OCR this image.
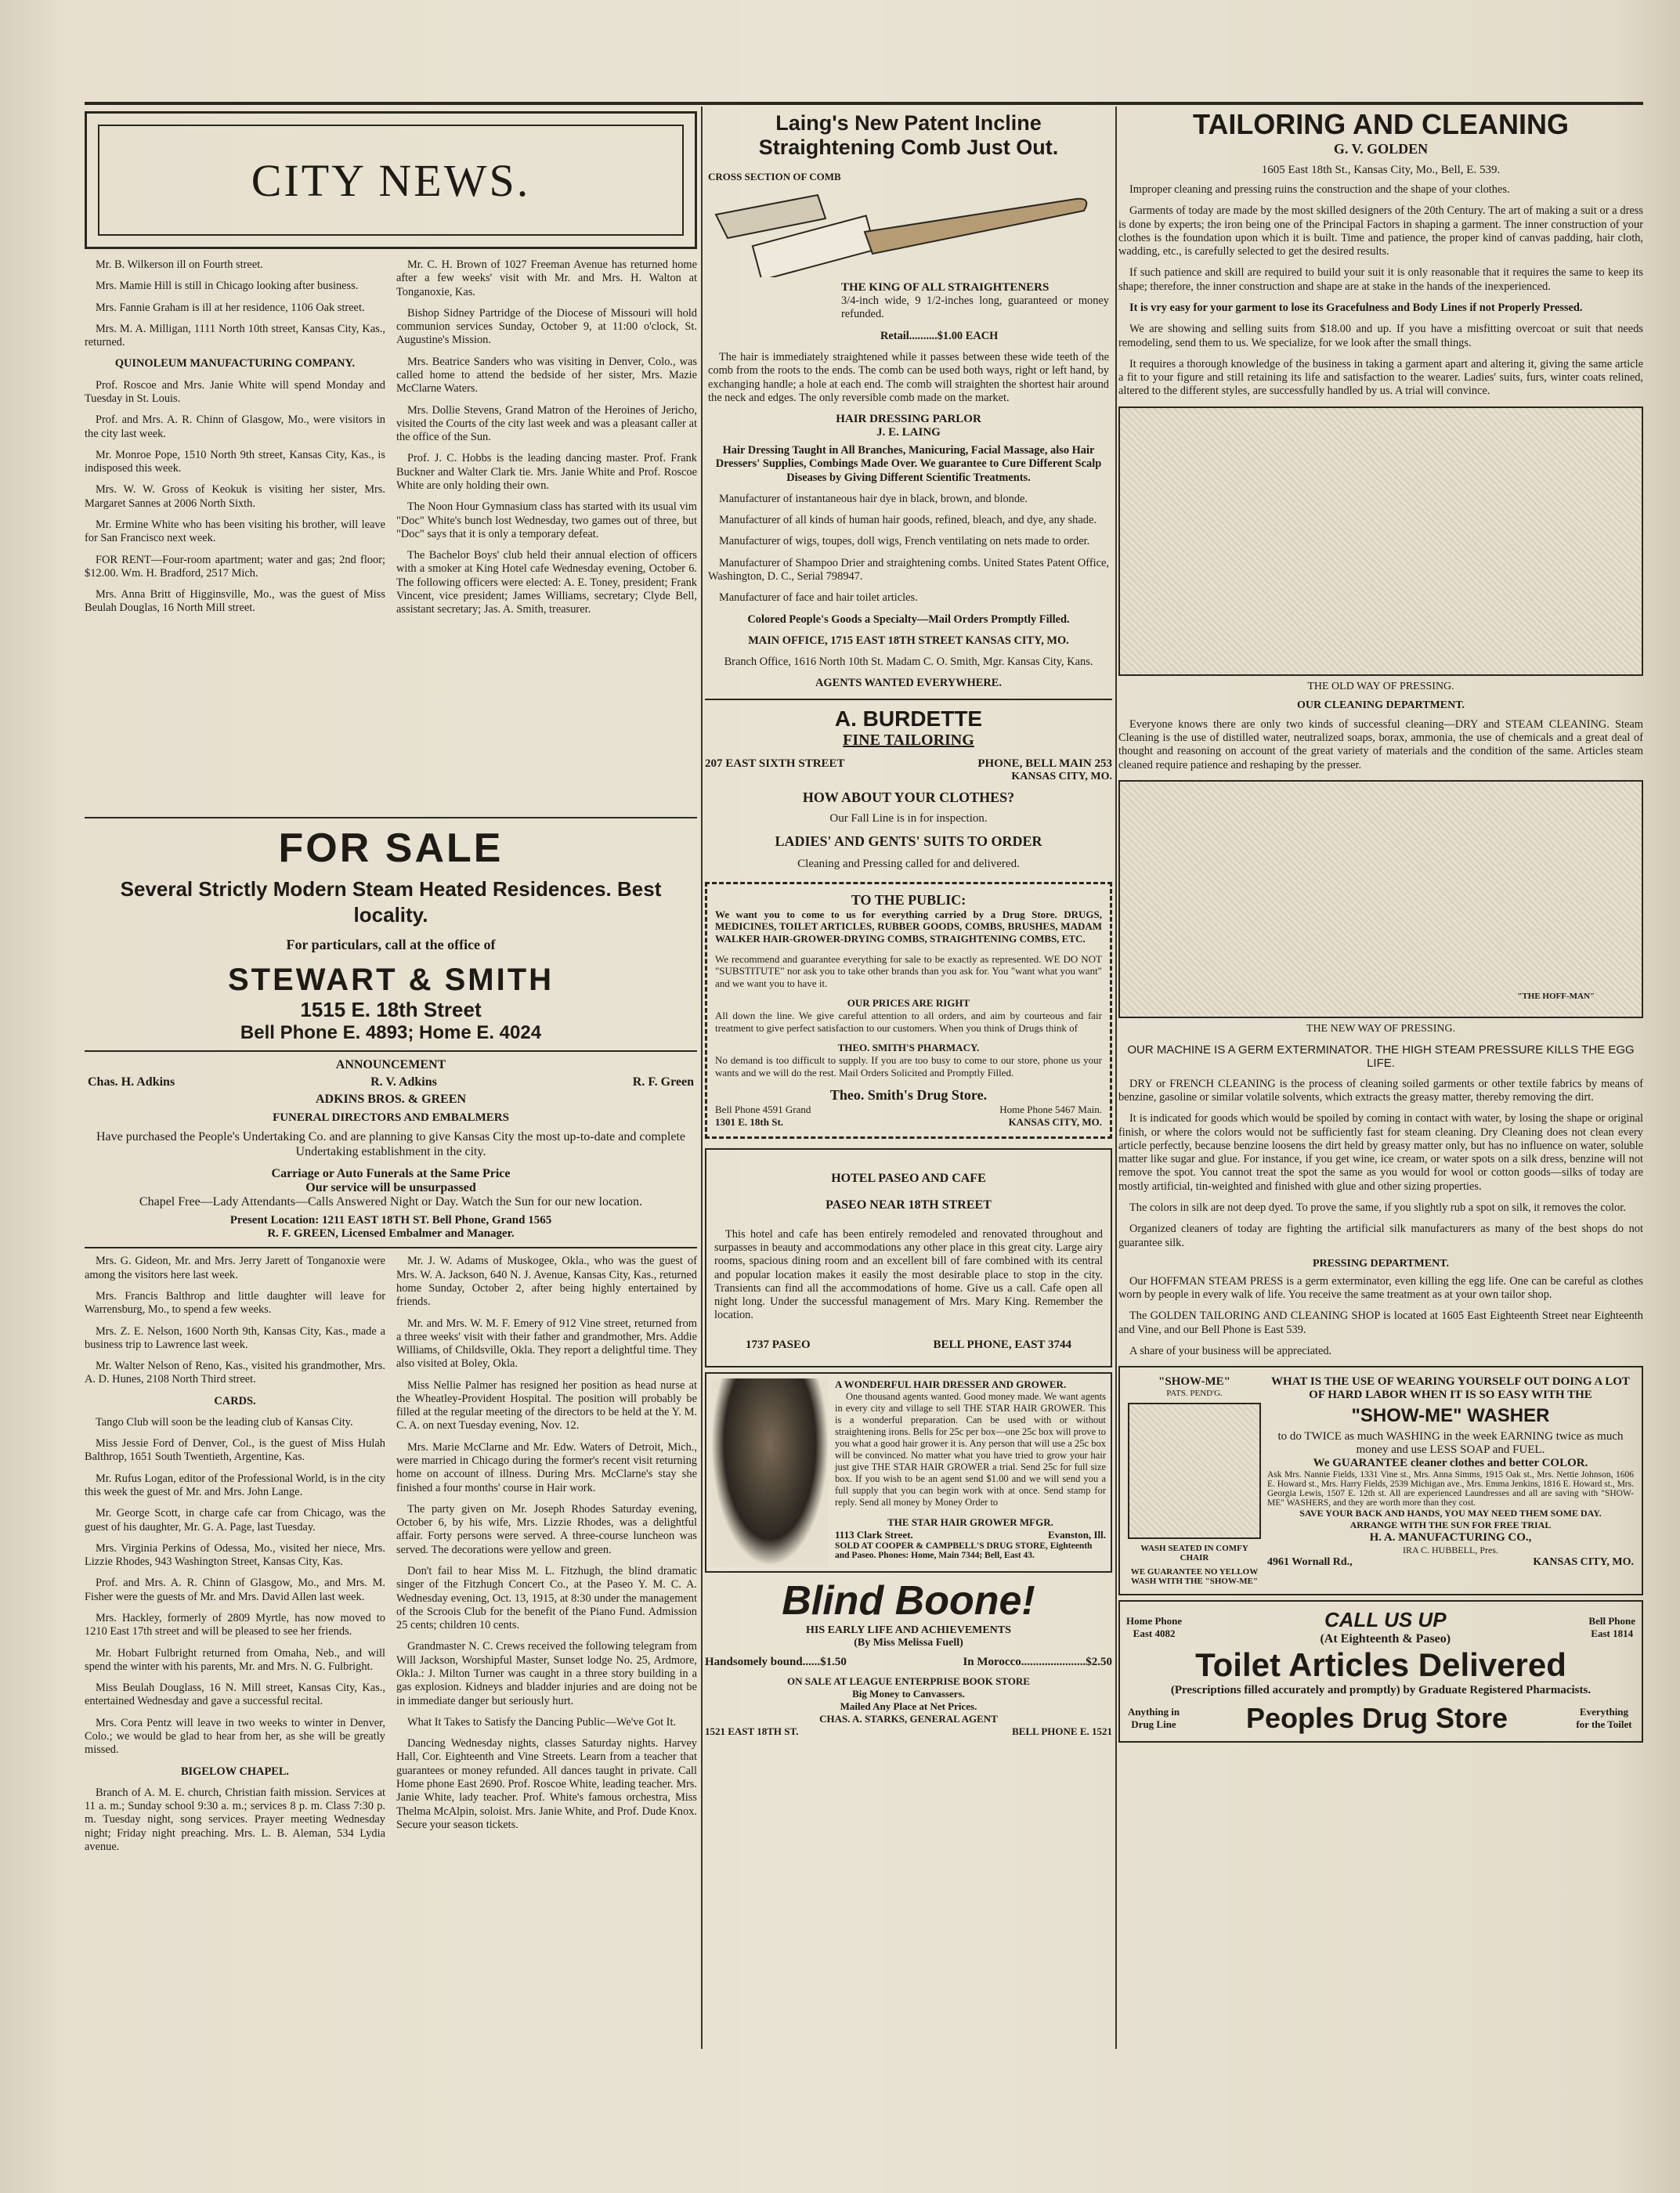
CITY NEWS.

Mr. B. Wilkerson ill on Fourth street.

Mrs. Mamie Hill is still in Chicago looking after business.

Mrs. Fannie Graham is ill at her residence, 1106 Oak street.

Mrs. M. A. Milligan, 1111 North 10th street, Kansas City, Kas., returned.

QUINOLEUM MANUFACTURING COMPANY.

Prof. Roscoe and Mrs. Janie White will spend Monday and Tuesday in St. Louis.

Prof. and Mrs. A. R. Chinn of Glasgow, Mo., were visitors in the city last week.

Mr. Monroe Pope, 1510 North 9th street, Kansas City, Kas., is indisposed this week.

Mrs. W. W. Gross of Keokuk is visiting her sister, Mrs. Margaret Sannes at 2006 North Sixth.

Mr. Ermine White who has been visiting his brother, will leave for San Francisco next week.

FOR RENT—Four-room apartment; water and gas; 2nd floor; $12.00. Wm. H. Bradford, 2517 Mich.

Mrs. Anna Britt of Higginsville, Mo., was the guest of Miss Beulah Douglas, 16 North Mill street.

Mr. C. H. Brown of 1027 Freeman Avenue has returned home after a few weeks' visit with Mr. and Mrs. H. Walton at Tonganoxie, Kas.

Bishop Sidney Partridge of the Diocese of Missouri will hold communion services Sunday, October 9, at 11:00 o'clock, St. Augustine's Mission.

Mrs. Beatrice Sanders who was visiting in Denver, Colo., was called home to attend the bedside of her sister, Mrs. Mazie McClarne Waters.

Mrs. Dollie Stevens, Grand Matron of the Heroines of Jericho, visited the Courts of the city last week and was a pleasant caller at the office of the Sun.

Prof. J. C. Hobbs is the leading dancing master. Prof. Frank Buckner and Walter Clark tie. Mrs. Janie White and Prof. Roscoe White are only holding their own.

The Noon Hour Gymnasium class has started with its usual vim "Doc" White's bunch lost Wednesday, two games out of three, but "Doc" says that it is only a temporary defeat.

The Bachelor Boys' club held their annual election of officers with a smoker at King Hotel cafe Wednesday evening, October 6. The following officers were elected: A. E. Toney, president; Frank Vincent, vice president; James Williams, secretary; Clyde Bell, assistant secretary; Jas. A. Smith, treasurer.

FOR SALE
Several Strictly Modern Steam Heated Residences. Best locality.
For particulars, call at the office of
STEWART & SMITH
1515 E. 18th Street
Bell Phone E. 4893; Home E. 4024
ANNOUNCEMENT
Chas. H. Adkins	R. V. Adkins	R. F. Green
ADKINS BROS. & GREEN
FUNERAL DIRECTORS AND EMBALMERS

Have purchased the People's Undertaking Co. and are planning to give Kansas City the most up-to-date and complete Undertaking establishment in the city.

Carriage or Auto Funerals at the Same Price
Our service will be unsurpassed
Chapel Free—Lady Attendants—Calls Answered Night or Day. Watch the Sun for our new location.
Present Location: 1211 EAST 18TH ST. Bell Phone, Grand 1565
R. F. GREEN, Licensed Embalmer and Manager.

Mrs. G. Gideon, Mr. and Mrs. Jerry Jarett of Tonganoxie were among the visitors here last week.

Mrs. Francis Balthrop and little daughter will leave for Warrensburg, Mo., to spend a few weeks.

Mrs. Z. E. Nelson, 1600 North 9th, Kansas City, Kas., made a business trip to Lawrence last week.

Mr. Walter Nelson of Reno, Kas., visited his grandmother, Mrs. A. D. Hunes, 2108 North Third street.

CARDS.

Tango Club will soon be the leading club of Kansas City.

Miss Jessie Ford of Denver, Col., is the guest of Miss Hulah Balthrop, 1651 South Twentieth, Argentine, Kas.

Mr. Rufus Logan, editor of the Professional World, is in the city this week the guest of Mr. and Mrs. John Lange.

Mr. George Scott, in charge cafe car from Chicago, was the guest of his daughter, Mr. G. A. Page, last Tuesday.

Mrs. Virginia Perkins of Odessa, Mo., visited her niece, Mrs. Lizzie Rhodes, 943 Washington Street, Kansas City, Kas.

Prof. and Mrs. A. R. Chinn of Glasgow, Mo., and Mrs. M. Fisher were the guests of Mr. and Mrs. David Allen last week.

Mrs. Hackley, formerly of 2809 Myrtle, has now moved to 1210 East 17th street and will be pleased to see her friends.

Mr. Hobart Fulbright returned from Omaha, Neb., and will spend the winter with his parents, Mr. and Mrs. N. G. Fulbright.

Miss Beulah Douglass, 16 N. Mill street, Kansas City, Kas., entertained Wednesday and gave a successful recital.

Mrs. Cora Pentz will leave in two weeks to winter in Denver, Colo.; we would be glad to hear from her, as she will be greatly missed.

BIGELOW CHAPEL.

Branch of A. M. E. church, Christian faith mission. Services at 11 a. m.; Sunday school 9:30 a. m.; services 8 p. m. Class 7:30 p. m. Tuesday night, song services. Prayer meeting Wednesday night; Friday night preaching. Mrs. L. B. Aleman, 534 Lydia avenue.

Mr. J. W. Adams of Muskogee, Okla., who was the guest of Mrs. W. A. Jackson, 640 N. J. Avenue, Kansas City, Kas., returned home Sunday, October 2, after being highly entertained by friends.

Mr. and Mrs. W. M. F. Emery of 912 Vine street, returned from a three weeks' visit with their father and grandmother, Mrs. Addie Williams, of Childsville, Okla. They report a delightful time. They also visited at Boley, Okla.

Miss Nellie Palmer has resigned her position as head nurse at the Wheatley-Provident Hospital. The position will probably be filled at the regular meeting of the directors to be held at the Y. M. C. A. on next Tuesday evening, Nov. 12.

Mrs. Marie McClarne and Mr. Edw. Waters of Detroit, Mich., were married in Chicago during the former's recent visit returning home on account of illness. During Mrs. McClarne's stay she finished a four months' course in Hair work.

The party given on Mr. Joseph Rhodes Saturday evening, October 6, by his wife, Mrs. Lizzie Rhodes, was a delightful affair. Forty persons were served. A three-course luncheon was served. The decorations were yellow and green.

Don't fail to hear Miss M. L. Fitzhugh, the blind dramatic singer of the Fitzhugh Concert Co., at the Paseo Y. M. C. A. Wednesday evening, Oct. 13, 1915, at 8:30 under the management of the Scroois Club for the benefit of the Piano Fund. Admission 25 cents; children 10 cents.

Grandmaster N. C. Crews received the following telegram from Will Jackson, Worshipful Master, Sunset lodge No. 25, Ardmore, Okla.: J. Milton Turner was caught in a three story building in a gas explosion. Kidneys and bladder injuries and are doing not be in immediate danger but seriously hurt.

What It Takes to Satisfy the Dancing Public—We've Got It.

Dancing Wednesday nights, classes Saturday nights. Harvey Hall, Cor. Eighteenth and Vine Streets. Learn from a teacher that guarantees or money refunded. All dances taught in private. Call Home phone East 2690. Prof. Roscoe White, leading teacher. Mrs. Janie White, lady teacher. Prof. White's famous orchestra, Miss Thelma McAlpin, soloist. Mrs. Janie White, and Prof. Dude Knox. Secure your season tickets.

Laing's New Patent Incline Straightening Comb Just Out.
CROSS SECTION OF COMB
THE KING OF ALL STRAIGHTENERS

3/4-inch wide, 9 1/2-inches long, guaranteed or money refunded.

Retail..........$1.00 EACH

The hair is immediately straightened while it passes between these wide teeth of the comb from the roots to the ends. The comb can be used both ways, right or left hand, by exchanging handle; a hole at each end. The comb will straighten the shortest hair around the neck and edges. The only reversible comb made on the market.

HAIR DRESSING PARLOR
J. E. LAING

Hair Dressing Taught in All Branches, Manicuring, Facial Massage, also Hair Dressers' Supplies, Combings Made Over. We guarantee to Cure Different Scalp Diseases by Giving Different Scientific Treatments.

Manufacturer of instantaneous hair dye in black, brown, and blonde.

Manufacturer of all kinds of human hair goods, refined, bleach, and dye, any shade.

Manufacturer of wigs, toupes, doll wigs, French ventilating on nets made to order.

Manufacturer of Shampoo Drier and straightening combs. United States Patent Office, Washington, D. C., Serial 798947.

Manufacturer of face and hair toilet articles.

Colored People's Goods a Specialty—Mail Orders Promptly Filled.

MAIN OFFICE, 1715 EAST 18TH STREET KANSAS CITY, MO.

Branch Office, 1616 North 10th St. Madam C. O. Smith, Mgr. Kansas City, Kans.

AGENTS WANTED EVERYWHERE.

A. BURDETTE
FINE TAILORING
207 EAST SIXTH STREET	PHONE, BELL MAIN 253
KANSAS CITY, MO.
HOW ABOUT YOUR CLOTHES?
Our Fall Line is in for inspection.
LADIES' AND GENTS' SUITS TO ORDER
Cleaning and Pressing called for and delivered.
TO THE PUBLIC:

We want you to come to us for everything carried by a Drug Store. DRUGS, MEDICINES, TOILET ARTICLES, RUBBER GOODS, COMBS, BRUSHES, MADAM WALKER HAIR-GROWER-DRYING COMBS, STRAIGHTENING COMBS, ETC.

We recommend and guarantee everything for sale to be exactly as represented. WE DO NOT "SUBSTITUTE" nor ask you to take other brands than you ask for. You "want what you want" and we want you to have it.

OUR PRICES ARE RIGHT

All down the line. We give careful attention to all orders, and aim by courteous and fair treatment to give perfect satisfaction to our customers. When you think of Drugs think of

THEO. SMITH'S PHARMACY.

No demand is too difficult to supply. If you are too busy to come to our store, phone us your wants and we will do the rest. Mail Orders Solicited and Promptly Filled.

Theo. Smith's Drug Store.
Bell Phone 4591 Grand	Home Phone 5467 Main.
1301 E. 18th St.	KANSAS CITY, MO.
HOTEL PASEO AND CAFE
PASEO NEAR 18TH STREET

This hotel and cafe has been entirely remodeled and renovated throughout and surpasses in beauty and accommodations any other place in this great city. Large airy rooms, spacious dining room and an excellent bill of fare combined with its central and popular location makes it easily the most desirable place to stop in the city. Transients can find all the accommodations of home. Give us a call. Cafe open all night long. Under the successful management of Mrs. Mary King. Remember the location.

1737 PASEO	BELL PHONE, EAST 3744
A WONDERFUL HAIR DRESSER AND GROWER.

One thousand agents wanted. Good money made. We want agents in every city and village to sell THE STAR HAIR GROWER. This is a wonderful preparation. Can be used with or without straightening irons. Bells for 25c per box—one 25c box will prove to you what a good hair grower it is. Any person that will use a 25c box will be convinced. No matter what you have tried to grow your hair just give THE STAR HAIR GROWER a trial. Send 25c for full size box. If you wish to be an agent send $1.00 and we will send you a full supply that you can begin work with at once. Send stamp for reply. Send all money by Money Order to

THE STAR HAIR GROWER MFGR.
1113 Clark Street.	Evanston, Ill.
SOLD AT COOPER & CAMPBELL'S DRUG STORE, Eighteenth and Paseo. Phones: Home, Main 7344; Bell, East 43.
Blind Boone!
HIS EARLY LIFE AND ACHIEVEMENTS
(By Miss Melissa Fuell)
Handsomely bound......$1.50	In Morocco......................$2.50
ON SALE AT LEAGUE ENTERPRISE BOOK STORE
Big Money to Canvassers.
Mailed Any Place at Net Prices.
CHAS. A. STARKS, GENERAL AGENT
1521 EAST 18TH ST.	BELL PHONE E. 1521
TAILORING AND CLEANING
G. V. GOLDEN
1605 East 18th St., Kansas City, Mo., Bell, E. 539.

Improper cleaning and pressing ruins the construction and the shape of your clothes.

Garments of today are made by the most skilled designers of the 20th Century. The art of making a suit or a dress is done by experts; the iron being one of the Principal Factors in shaping a garment. The inner construction of your clothes is the foundation upon which it is built. Time and patience, the proper kind of canvas padding, hair cloth, wadding, etc., is carefully selected to get the desired results.

If such patience and skill are required to build your suit it is only reasonable that it requires the same to keep its shape; therefore, the inner construction and shape are at stake in the hands of the inexperienced.

It is vry easy for your garment to lose its Gracefulness and Body Lines if not Properly Pressed.

We are showing and selling suits from $18.00 and up. If you have a misfitting overcoat or suit that needs remodeling, send them to us. We specialize, for we look after the small things.

It requires a thorough knowledge of the business in taking a garment apart and altering it, giving the same article a fit to your figure and still retaining its life and satisfaction to the wearer. Ladies' suits, furs, winter coats relined, altered to the different styles, are successfully handled by us. A trial will convince.

THE OLD WAY OF PRESSING.
OUR CLEANING DEPARTMENT.

Everyone knows there are only two kinds of successful cleaning—DRY and STEAM CLEANING. Steam Cleaning is the use of distilled water, neutralized soaps, borax, ammonia, the use of chemicals and a great deal of thought and reasoning on account of the great variety of materials and the condition of the same. Articles steam cleaned require patience and reshaping by the presser.

"THE HOFF-MAN"
THE NEW WAY OF PRESSING.
OUR MACHINE IS A GERM EXTERMINATOR. THE HIGH STEAM PRESSURE KILLS THE EGG LIFE.

DRY or FRENCH CLEANING is the process of cleaning soiled garments or other textile fabrics by means of benzine, gasoline or similar volatile solvents, which extracts the greasy matter, thereby removing the dirt.

It is indicated for goods which would be spoiled by coming in contact with water, by losing the shape or original finish, or where the colors would not be sufficiently fast for steam cleaning. Dry Cleaning does not clean every article perfectly, because benzine loosens the dirt held by greasy matter only, but has no influence on water, soluble matter like sugar and glue. For instance, if you get wine, ice cream, or water spots on a silk dress, benzine will not remove the spot. You cannot treat the spot the same as you would for wool or cotton goods—silks of today are mostly artificial, tin-weighted and finished with glue and other sizing properties.

The colors in silk are not deep dyed. To prove the same, if you slightly rub a spot on silk, it removes the color.

Organized cleaners of today are fighting the artificial silk manufacturers as many of the best shops do not guarantee silk.

PRESSING DEPARTMENT.

Our HOFFMAN STEAM PRESS is a germ exterminator, even killing the egg life. One can be careful as clothes worn by people in every walk of life. You receive the same treatment as at your own tailor shop.

The GOLDEN TAILORING AND CLEANING SHOP is located at 1605 East Eighteenth Street near Eighteenth and Vine, and our Bell Phone is East 539.

A share of your business will be appreciated.

"SHOW-ME"
PATS. PEND'G.
WASH SEATED IN COMFY CHAIR
WE GUARANTEE NO YELLOW WASH WITH THE "SHOW-ME"
WHAT IS THE USE OF WEARING YOURSELF OUT DOING A LOT OF HARD LABOR WHEN IT IS SO EASY WITH THE
"SHOW-ME" WASHER
to do TWICE as much WASHING in the week EARNING twice as much money and use LESS SOAP and FUEL.
We GUARANTEE cleaner clothes and better COLOR.
Ask Mrs. Nannie Fields, 1331 Vine st., Mrs. Anna Simms, 1915 Oak st., Mrs. Nettie Johnson, 1606 E. Howard st., Mrs. Harry Fields, 2539 Michigan ave., Mrs. Emma Jenkins, 1816 E. Howard st., Mrs. Georgia Lewis, 1507 E. 12th st. All are experienced Laundresses and all are saving with "SHOW-ME" WASHERS, and they are worth more than they cost.
SAVE YOUR BACK AND HANDS, YOU MAY NEED THEM SOME DAY.
ARRANGE WITH THE SUN FOR FREE TRIAL
H. A. MANUFACTURING CO.,
IRA C. HUBBELL, Pres.
4961 Wornall Rd.,	KANSAS CITY, MO.
Home Phone
East 4082
CALL US UP
(At Eighteenth & Paseo)
Bell Phone
East 1814
Toilet Articles Delivered
(Prescriptions filled accurately and promptly) by Graduate Registered Pharmacists.
Anything in Drug Line Peoples Drug Store	Everything for the Toilet
